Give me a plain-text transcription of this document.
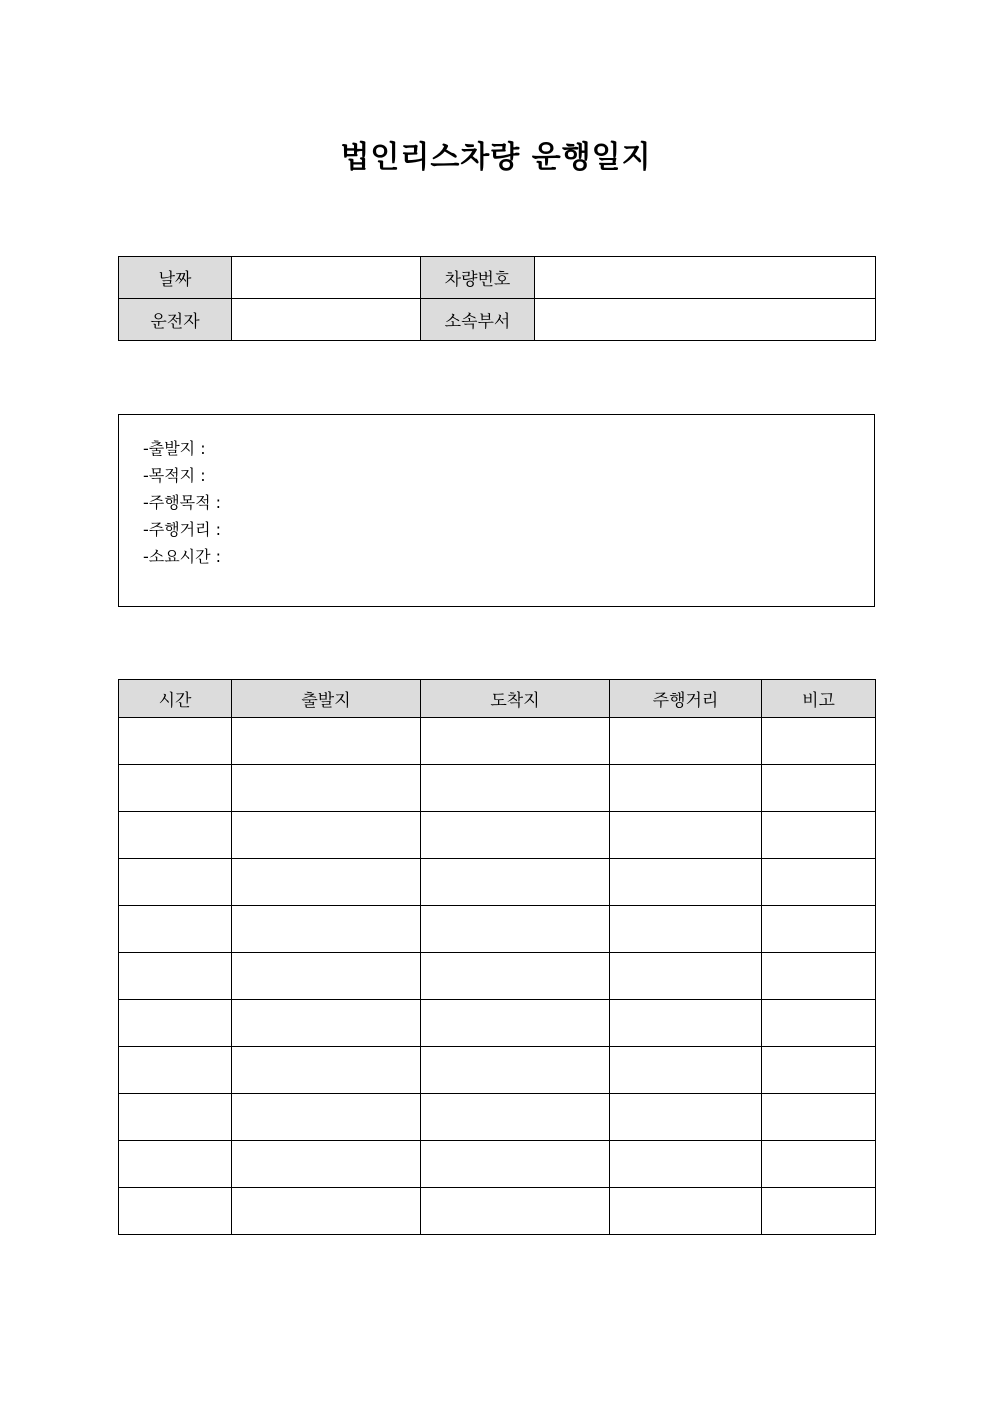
법인리스차량 운행일지
날짜		차량번호	
운전자		소속부서	
-출발지 :
-목적지 :
-주행목적 :
-주행거리 :
-소요시간 :
시간	출발지	도착지	주행거리	비고
